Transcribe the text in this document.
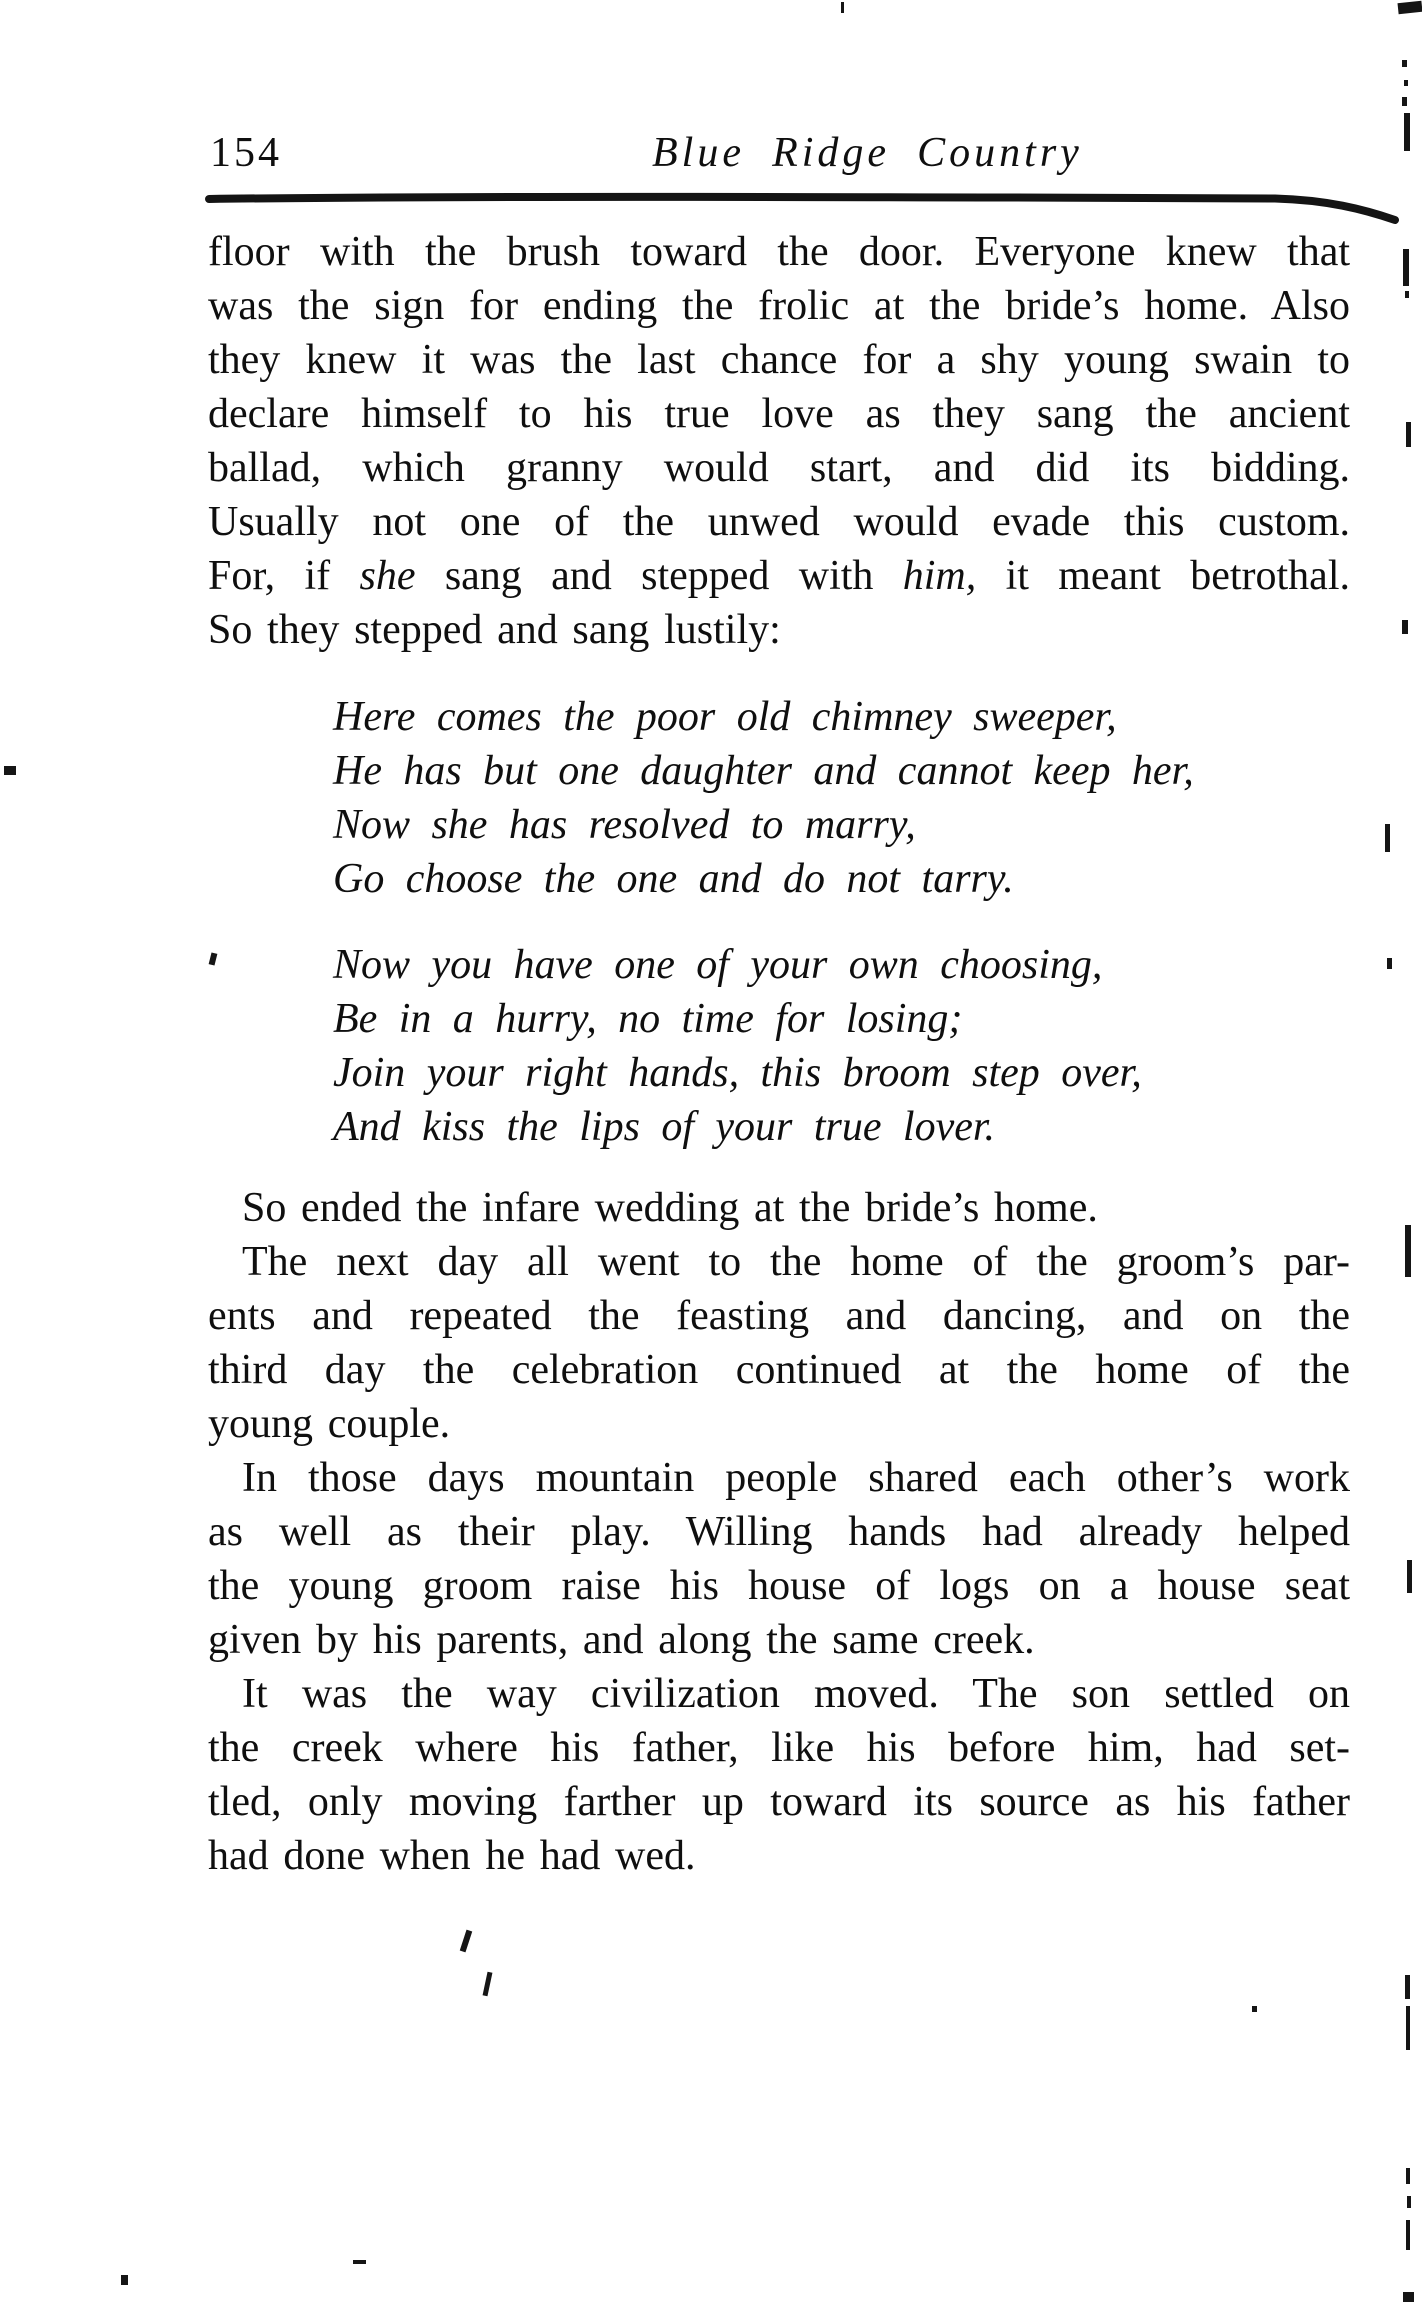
154	Blue Ridge Country
floor with the brush toward the door. Everyone knew that
was the sign for ending the frolic at the bride’s home. Also
they knew it was the last chance for a shy young swain to
declare himself to his true love as they sang the ancient
ballad, which granny would start, and did its bidding.
Usually not one of the unwed would evade this custom.
For, if she sang and stepped with him, it meant betrothal.
So they stepped and sang lustily:
Here comes the poor old chimney sweeper,
He has but one daughter and cannot keep her,
Now she has resolved to marry,
Go choose the one and do not tarry.
Now you have one of your own choosing,
Be in a hurry, no time for losing;
Join your right hands, this broom step over,
And kiss the lips of your true lover.
So ended the infare wedding at the bride’s home.
The next day all went to the home of the groom’s par-
ents and repeated the feasting and dancing, and on the
third day the celebration continued at the home of the
young couple.
In those days mountain people shared each other’s work
as well as their play. Willing hands had already helped
the young groom raise his house of logs on a house seat
given by his parents, and along the same creek.
It was the way civilization moved. The son settled on
the creek where his father, like his before him, had set-
tled, only moving farther up toward its source as his father
had done when he had wed.
